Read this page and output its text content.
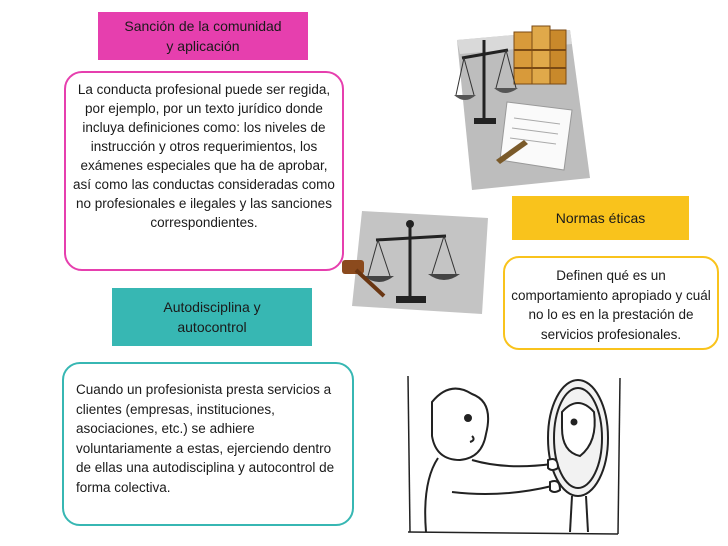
Sanción de la comunidad
y aplicación
La conducta profesional puede ser regida, por ejemplo, por un texto jurídico donde incluya definiciones como: los niveles de instrucción y otros requerimientos, los exámenes especiales que ha de aprobar, así como las conductas consideradas como no profesionales e ilegales y las sanciones correspondientes.	Normas éticas
Definen qué es un comportamiento apropiado y cuál no lo es en la prestación de servicios profesionales.
Autodisciplina y
autocontrol
Cuando un profesionista presta servicios a clientes (empresas, instituciones, asociaciones, etc.) se adhiere voluntariamente a estas, ejerciendo dentro de ellas una autodisciplina y autocontrol de forma colectiva.
